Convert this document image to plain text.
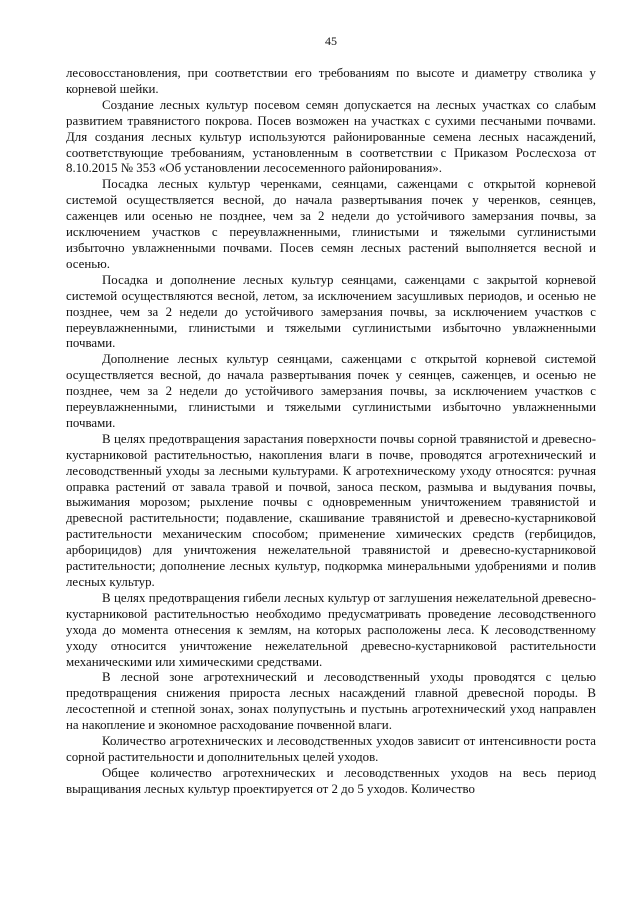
45

лесовосстановления, при соответствии его требованиям по высоте и диаметру стволика у корневой шейки.

Создание лесных культур посевом семян допускается на лесных участках со слабым развитием травянистого покрова. Посев возможен на участках с сухими песчаными почвами. Для создания лесных культур используются районированные семена лесных насаждений, соответствующие требованиям, установленным в соответствии с Приказом Рослесхоза от 8.10.2015 № 353 «Об установлении лесосеменного районирования».

Посадка лесных культур черенками, сеянцами, саженцами с открытой корневой системой осуществляется весной, до начала развертывания почек у черенков, сеянцев, саженцев или осенью не позднее, чем за 2 недели до устойчивого замерзания почвы, за исключением участков с переувлажненными, глинистыми и тяжелыми суглинистыми избыточно увлажненными почвами. Посев семян лесных растений выполняется весной и осенью.

Посадка и дополнение лесных культур сеянцами, саженцами с закрытой корневой системой осуществляются весной, летом, за исключением засушливых периодов, и осенью не позднее, чем за 2 недели до устойчивого замерзания почвы, за исключением участков с переувлажненными, глинистыми и тяжелыми суглинистыми избыточно увлажненными почвами.

Дополнение лесных культур сеянцами, саженцами с открытой корневой системой осуществляется весной, до начала развертывания почек у сеянцев, саженцев, и осенью не позднее, чем за 2 недели до устойчивого замерзания почвы, за исключением участков с переувлажненными, глинистыми и тяжелыми суглинистыми избыточно увлажненными почвами.

В целях предотвращения зарастания поверхности почвы сорной травянистой и древесно-кустарниковой растительностью, накопления влаги в почве, проводятся агротехнический и лесоводственный уходы за лесными культурами. К агротехническому уходу относятся: ручная оправка растений от завала травой и почвой, заноса песком, размыва и выдувания почвы, выжимания морозом; рыхление почвы с одновременным уничтожением травянистой и древесной растительности; подавление, скашивание травянистой и древесно-кустарниковой растительности механическим способом; применение химических средств (гербицидов, арборицидов) для уничтожения нежелательной травянистой и древесно-кустарниковой растительности; дополнение лесных культур, подкормка минеральными удобрениями и полив лесных культур.

В целях предотвращения гибели лесных культур от заглушения нежелательной древесно-кустарниковой растительностью необходимо предусматривать проведение лесоводственного ухода до момента отнесения к землям, на которых расположены леса. К лесоводственному уходу относится уничтожение нежелательной древесно-кустарниковой растительности механическими или химическими средствами.

В лесной зоне агротехнический и лесоводственный уходы проводятся с целью предотвращения снижения прироста лесных насаждений главной древесной породы. В лесостепной и степной зонах, зонах полупустынь и пустынь агротехнический уход направлен на накопление и экономное расходование почвенной влаги.

Количество агротехнических и лесоводственных уходов зависит от интенсивности роста сорной растительности и дополнительных целей уходов.

Общее количество агротехнических и лесоводственных уходов на весь период выращивания лесных культур проектируется от 2 до 5 уходов. Количество
